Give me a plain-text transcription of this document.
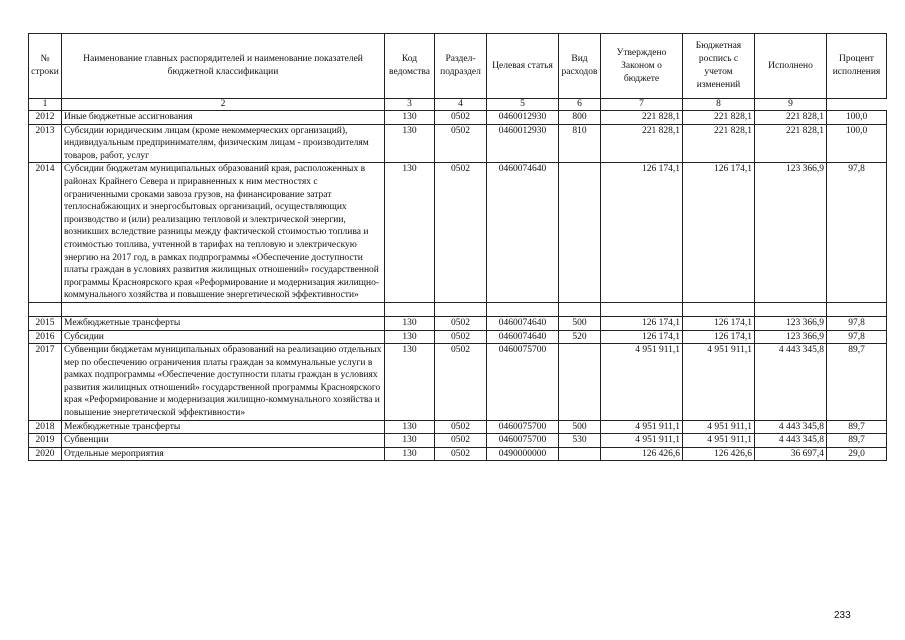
№ строки	Наименование главных распорядителей и наименование показателей бюджетной классификации	Код ведомства	Раздел-подраздел	Целевая статья	Вид расходов	Утверждено Законом о бюджете	Бюджетная роспись с учетом изменений	Исполнено	Процент исполнения
1	2	3	4	5	6	7	8	9	
2012	Иные бюджетные ассигнования	130	0502	0460012930	800	221 828,1	221 828,1	221 828,1	100,0
2013	Субсидии юридическим лицам (кроме некоммерческих организаций), индивидуальным предпринимателям, физическим лицам - производителям товаров, работ, услуг	130	0502	0460012930	810	221 828,1	221 828,1	221 828,1	100,0
2014	Субсидии бюджетам муниципальных образований края, расположенных в районах Крайнего Севера и приравненных к ним местностях с ограниченными сроками завоза грузов, на финансирование затрат теплоснабжающих и энергосбытовых организаций, осуществляющих производство и (или) реализацию тепловой и электрической энергии, возникших вследствие разницы между фактической стоимостью топлива и стоимостью топлива, учтенной в тарифах на тепловую и электрическую энергию на 2017 год, в рамках подпрограммы «Обеспечение доступности платы граждан в условиях развития жилищных отношений» государственной программы Красноярского края «Реформирование и модернизация жилищно-коммунального хозяйства и повышение энергетической эффективности»	130	0502	0460074640		126 174,1	126 174,1	123 366,9	97,8

2015	Межбюджетные трансферты	130	0502	0460074640	500	126 174,1	126 174,1	123 366,9	97,8
2016	Субсидии	130	0502	0460074640	520	126 174,1	126 174,1	123 366,9	97,8
2017	Субвенции бюджетам муниципальных образований на реализацию отдельных мер по обеспечению ограничения платы граждан за коммунальные услуги в рамках подпрограммы «Обеспечение доступности платы граждан в условиях развития жилищных отношений» государственной программы Красноярского края «Реформирование и модернизация жилищно-коммунального хозяйства и повышение энергетической эффективности»	130	0502	0460075700		4 951 911,1	4 951 911,1	4 443 345,8	89,7
2018	Межбюджетные трансферты	130	0502	0460075700	500	4 951 911,1	4 951 911,1	4 443 345,8	89,7
2019	Субвенции	130	0502	0460075700	530	4 951 911,1	4 951 911,1	4 443 345,8	89,7
2020	Отдельные мероприятия	130	0502	0490000000		126 426,6	126 426,6	36 697,4	29,0
233
